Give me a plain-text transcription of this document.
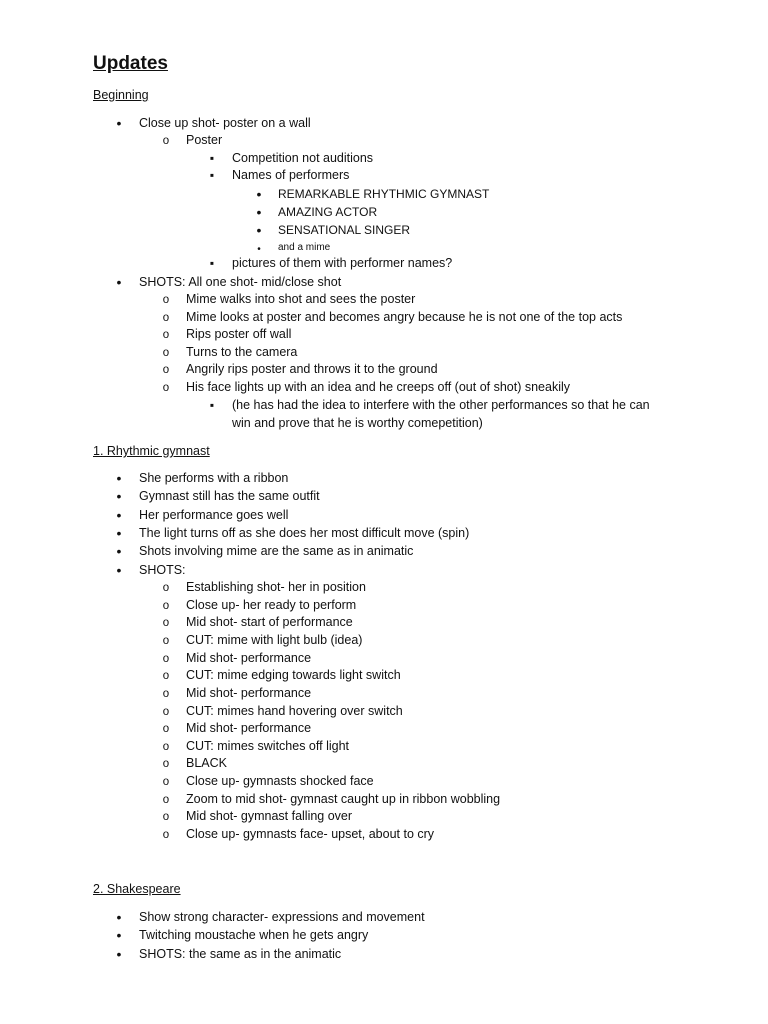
Updates
Beginning
•
Close up shot- poster on a wall
o
Poster
▪
Competition not auditions
▪
Names of performers
•
REMARKABLE RHYTHMIC GYMNAST
•
AMAZING ACTOR
•
SENSATIONAL SINGER
•
and a mime
▪
pictures of them with performer names?
•
SHOTS: All one shot- mid/close shot
o
Mime walks into shot and sees the poster
o
Mime looks at poster and becomes angry because he is not one of the top acts
o
Rips poster off wall
o
Turns to the camera
o
Angrily rips poster and throws it to the ground
o
His face lights up with an idea and he creeps off (out of shot) sneakily
▪
(he has had the idea to interfere with the other performances so that he can
win and prove that he is worthy comepetition)
1. Rhythmic gymnast
•
She performs with a ribbon
•
Gymnast still has the same outfit
•
Her performance goes well
•
The light turns off as she does her most difficult move (spin)
•
Shots involving mime are the same as in animatic
•
SHOTS:
o
Establishing shot- her in position
o
Close up- her ready to perform
o
Mid shot- start of performance
o
CUT: mime with light bulb (idea)
o
Mid shot- performance
o
CUT: mime edging towards light switch
o
Mid shot- performance
o
CUT: mimes hand hovering over switch
o
Mid shot- performance
o
CUT: mimes switches off light
o
BLACK
o
Close up- gymnasts shocked face
o
Zoom to mid shot- gymnast caught up in ribbon wobbling
o
Mid shot- gymnast falling over
o
Close up- gymnasts face- upset, about to cry
2. Shakespeare
•
Show strong character- expressions and movement
•
Twitching moustache when he gets angry
•
SHOTS: the same as in the animatic
